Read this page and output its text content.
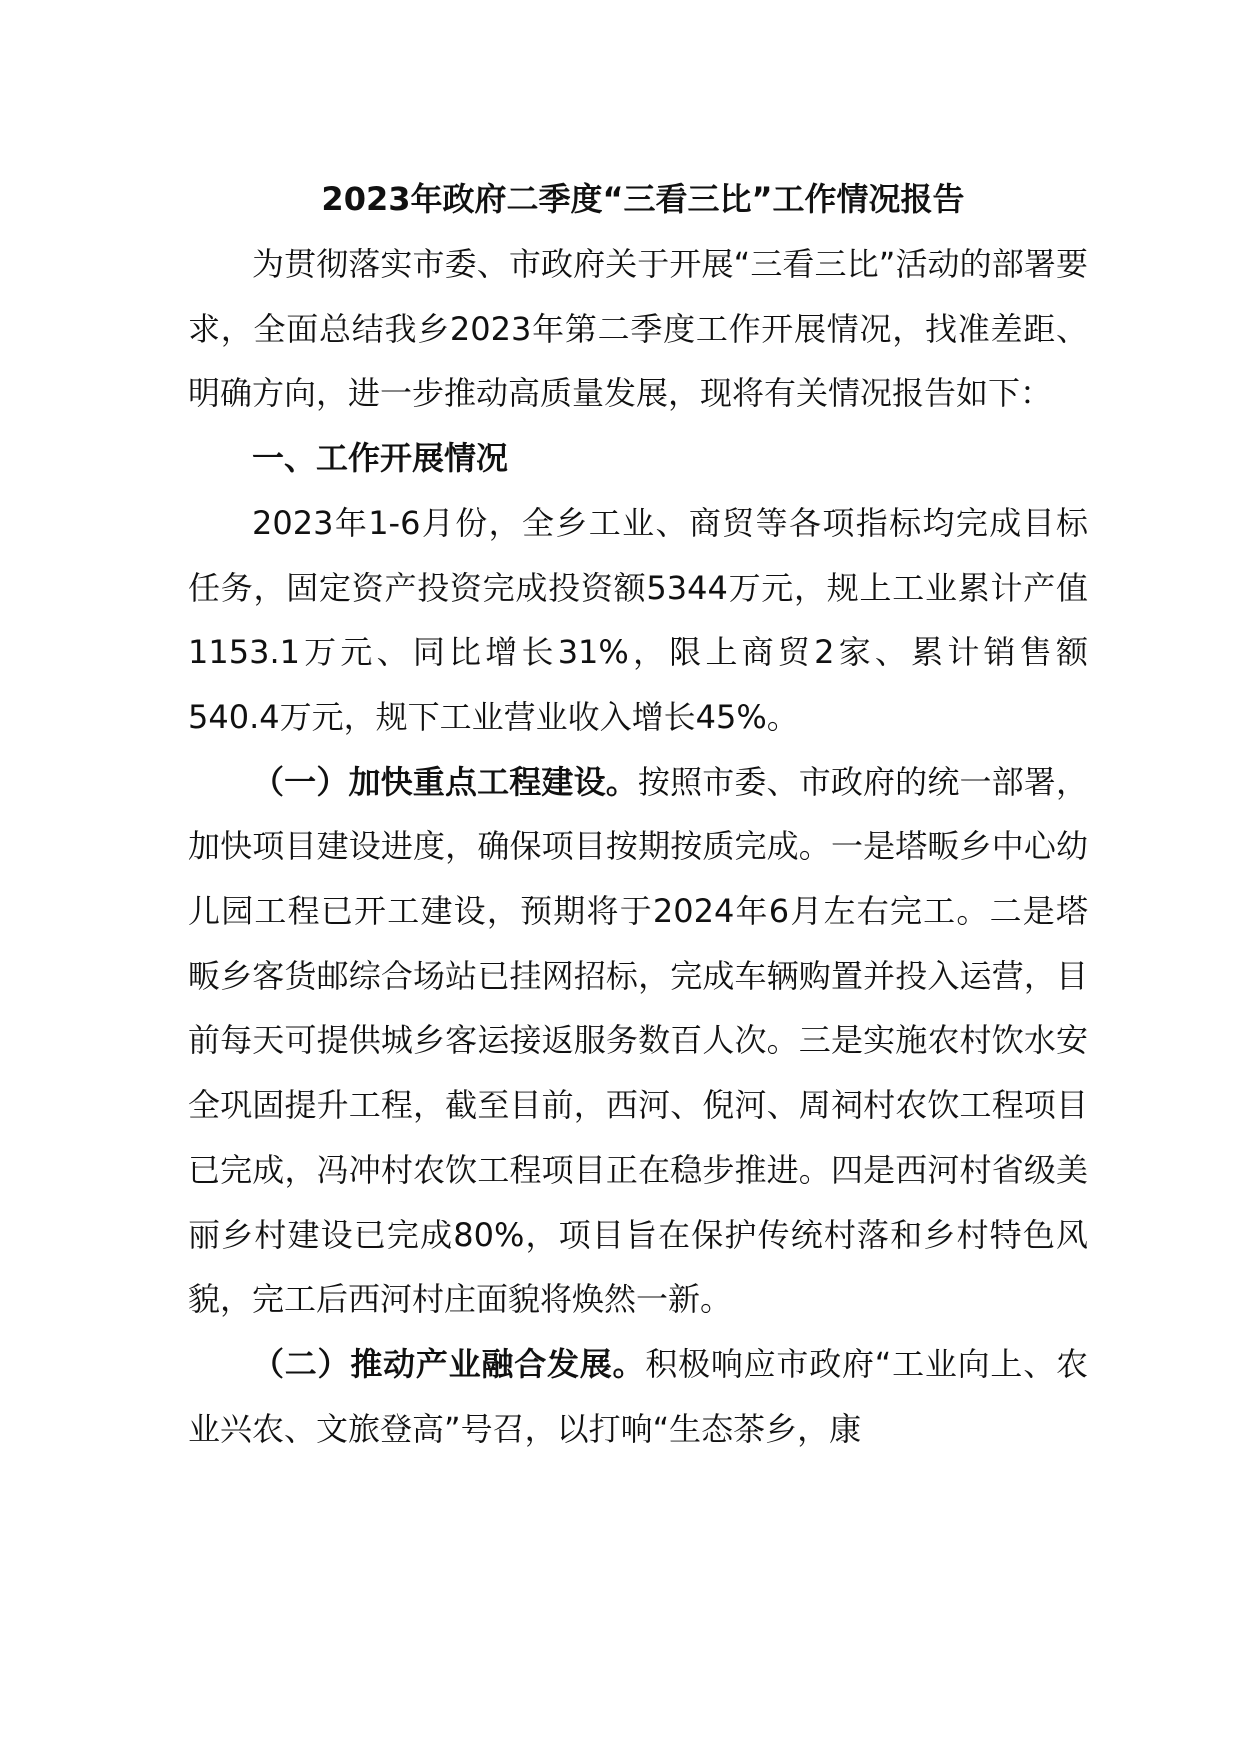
2023年政府二季度“三看三比”工作情况报告

为贯彻落实市委、市政府关于开展“三看三比”活动的部署要求，全面总结我乡2023年第二季度工作开展情况，找准差距、明确方向，进一步推动高质量发展，现将有关情况报告如下：

一、工作开展情况

2023年1-6月份，全乡工业、商贸等各项指标均完成目标任务，固定资产投资完成投资额5344万元，规上工业累计产值1153.1万元、同比增长31%，限上商贸2家、累计销售额540.4万元，规下工业营业收入增长45%。

（一）加快重点工程建设。按照市委、市政府的统一部署，加快项目建设进度，确保项目按期按质完成。一是塔畈乡中心幼儿园工程已开工建设，预期将于2024年6月左右完工。二是塔畈乡客货邮综合场站已挂网招标，完成车辆购置并投入运营，目前每天可提供城乡客运接返服务数百人次。三是实施农村饮水安全巩固提升工程，截至目前，西河、倪河、周祠村农饮工程项目已完成，冯冲村农饮工程项目正在稳步推进。四是西河村省级美丽乡村建设已完成80%，项目旨在保护传统村落和乡村特色风貌，完工后西河村庄面貌将焕然一新。

（二）推动产业融合发展。积极响应市政府“工业向上、农业兴农、文旅登高”号召，以打响“生态茶乡，康
